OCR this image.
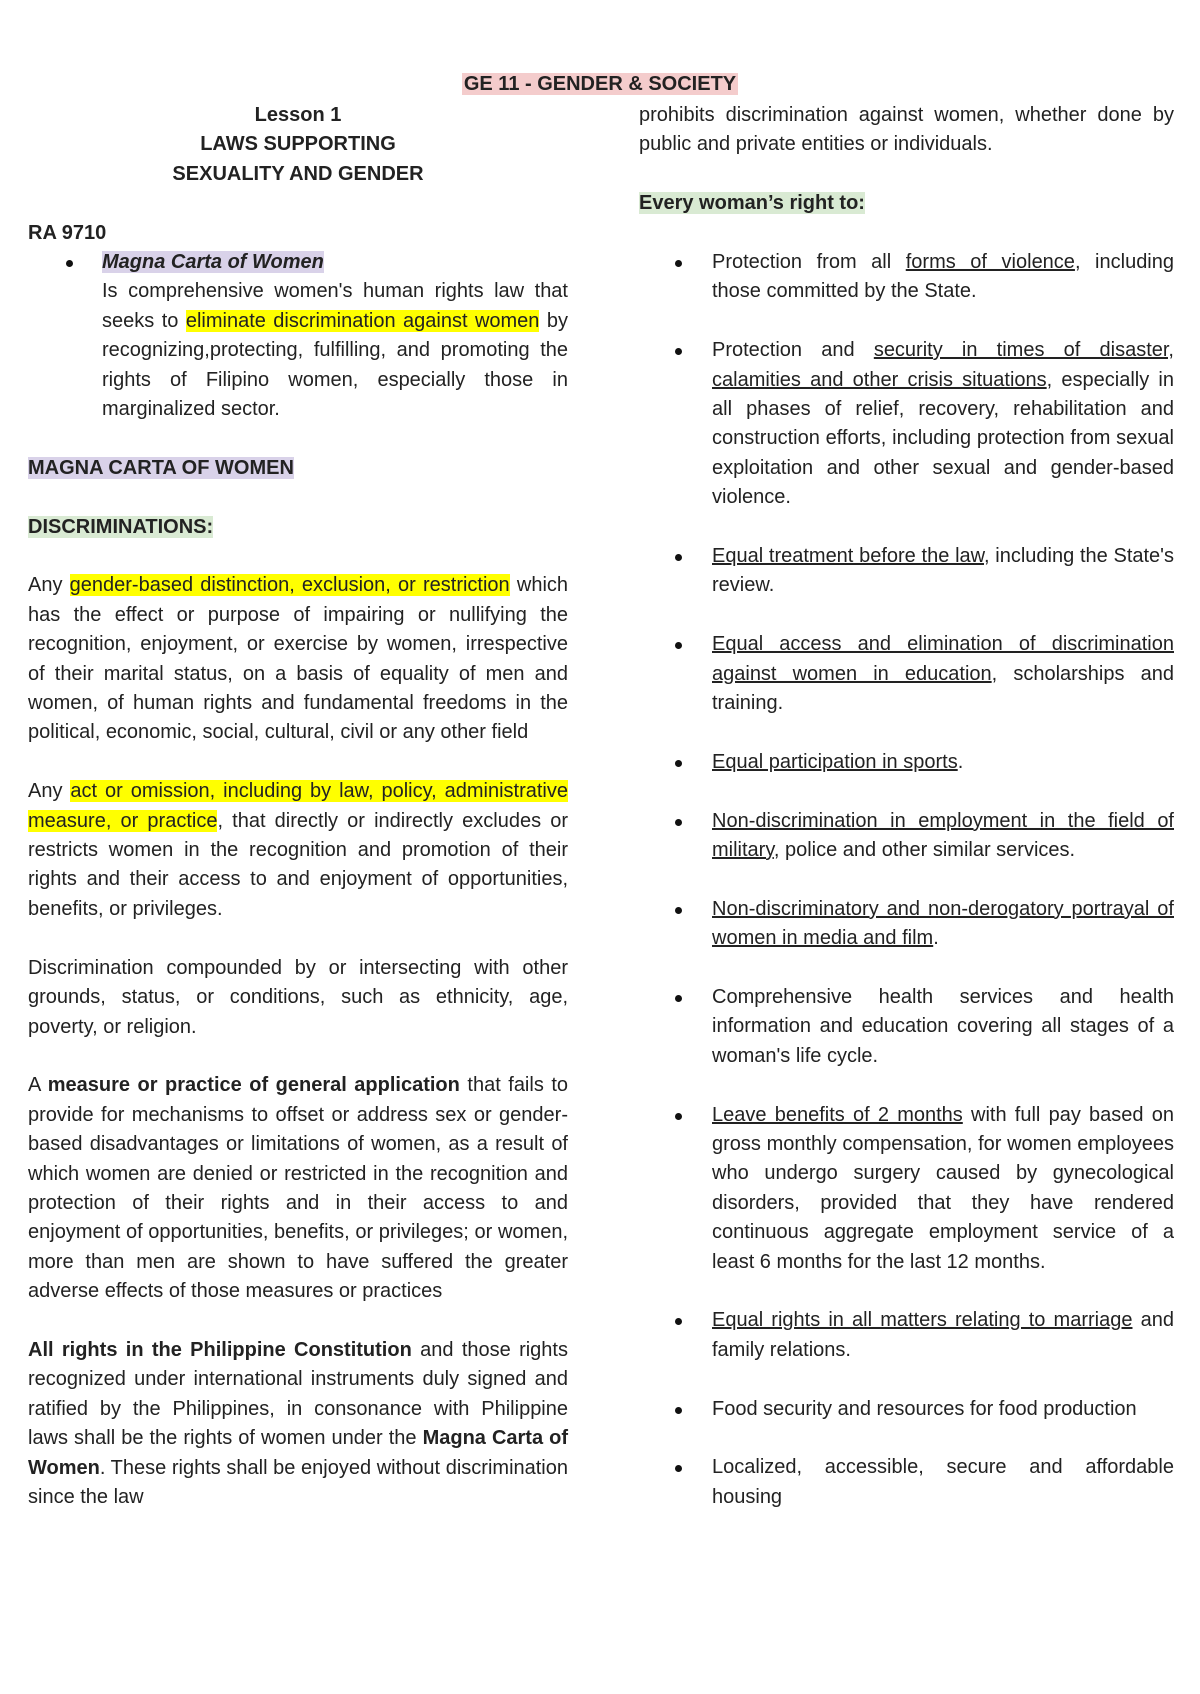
GE 11 - GENDER & SOCIETY

Lesson 1

LAWS SUPPORTING

SEXUALITY AND GENDER

RA 9710

Magna Carta of Women
Is comprehensive women's human rights law that seeks to eliminate discrimination against women by recognizing,protecting, fulfilling, and promoting the rights of Filipino women, especially those in marginalized sector.

MAGNA CARTA OF WOMEN

DISCRIMINATIONS:

Any gender-based distinction, exclusion, or restriction which has the effect or purpose of impairing or nullifying the recognition, enjoyment, or exercise by women, irrespective of their marital status, on a basis of equality of men and women, of human rights and fundamental freedoms in the political, economic, social, cultural, civil or any other field

Any act or omission, including by law, policy, administrative measure, or practice, that directly or indirectly excludes or restricts women in the recognition and promotion of their rights and their access to and enjoyment of opportunities, benefits, or privileges.

Discrimination compounded by or intersecting with other grounds, status, or conditions, such as ethnicity, age, poverty, or religion.

A measure or practice of general application that fails to provide for mechanisms to offset or address sex or gender-based disadvantages or limitations of women, as a result of which women are denied or restricted in the recognition and protection of their rights and in their access to and enjoyment of opportunities, benefits, or privileges; or women, more than men are shown to have suffered the greater adverse effects of those measures or practices

All rights in the Philippine Constitution and those rights recognized under international instruments duly signed and ratified by the Philippines, in consonance with Philippine laws shall be the rights of women under the Magna Carta of Women. These rights shall be enjoyed without discrimination since the law

prohibits discrimination against women, whether done by public and private entities or individuals.

Every woman’s right to:

Protection from all forms of violence, including those committed by the State.
Protection and security in times of disaster, calamities and other crisis situations, especially in all phases of relief, recovery, rehabilitation and construction efforts, including protection from sexual exploitation and other sexual and gender-based violence.
Equal treatment before the law, including the State's review.
Equal access and elimination of discrimination against women in education, scholarships and training.
Equal participation in sports.
Non-discrimination in employment in the field of military, police and other similar services.
Non-discriminatory and non-derogatory portrayal of women in media and film.
Comprehensive health services and health information and education covering all stages of a woman's life cycle.
Leave benefits of 2 months with full pay based on gross monthly compensation, for women employees who undergo surgery caused by gynecological disorders, provided that they have rendered continuous aggregate employment service of a least 6 months for the last 12 months.
Equal rights in all matters relating to marriage and family relations.
Food security and resources for food production
Localized, accessible, secure and affordable housing
